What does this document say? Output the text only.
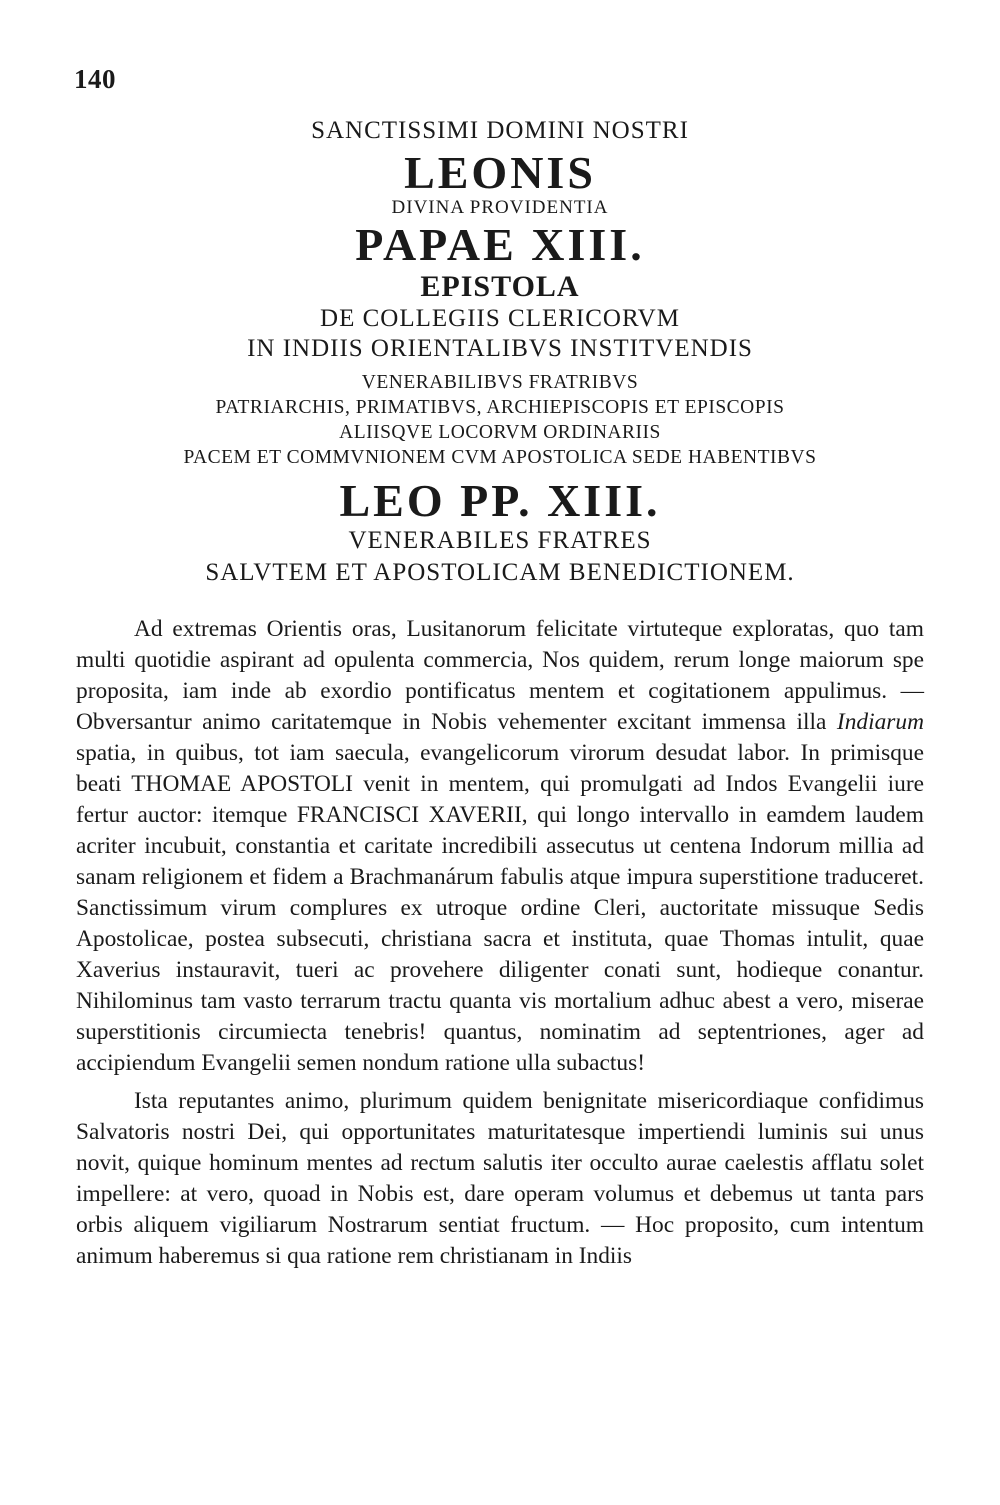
140
SANCTISSIMI DOMINI NOSTRI
LEONIS
DIVINA PROVIDENTIA
PAPAE XIII.
EPISTOLA
DE COLLEGIIS CLERICORVM
IN INDIIS ORIENTALIBVS INSTITVENDIS
VENERABILIBVS FRATRIBVS
PATRIARCHIS, PRIMATIBVS, ARCHIEPISCOPIS ET EPISCOPIS
ALIISQVE LOCORVM ORDINARIIS
PACEM ET COMMVNIONEM CVM APOSTOLICA SEDE HABENTIBVS
LEO PP. XIII.
VENERABILES FRATRES
SALVTEM ET APOSTOLICAM BENEDICTIONEM.

Ad extremas Orientis oras, Lusitanorum felicitate virtuteque exploratas, quo tam multi quotidie aspirant ad opulenta commercia, Nos quidem, rerum longe maiorum spe proposita, iam inde ab exordio pontificatus mentem et cogitationem appulimus. — Obversantur animo caritatemque in Nobis vehementer excitant immensa illa Indiarum spatia, in quibus, tot iam saecula, evangelicorum virorum desudat labor. In primisque beati THOMAE APOSTOLI venit in mentem, qui promulgati ad Indos Evangelii iure fertur auctor: itemque FRANCISCI XAVERII, qui longo intervallo in eamdem laudem acriter incubuit, constantia et caritate incredibili assecutus ut centena Indorum millia ad sanam religionem et fidem a Brachmanárum fabulis atque impura superstitione traduceret. Sanctissimum virum complures ex utroque ordine Cleri, auctoritate missuque Sedis Apostolicae, postea subsecuti, christiana sacra et instituta, quae Thomas intulit, quae Xaverius instauravit, tueri ac provehere diligenter conati sunt, hodieque conantur. Nihilominus tam vasto terrarum tractu quanta vis mortalium adhuc abest a vero, miserae superstitionis circumiecta tenebris! quantus, nominatim ad septentriones, ager ad accipiendum Evangelii semen nondum ratione ulla subactus!

Ista reputantes animo, plurimum quidem benignitate misericordiaque confidimus Salvatoris nostri Dei, qui opportunitates maturitatesque impertiendi luminis sui unus novit, quique hominum mentes ad rectum salutis iter occulto aurae caelestis afflatu solet impellere: at vero, quoad in Nobis est, dare operam volumus et debemus ut tanta pars orbis aliquem vigiliarum Nostrarum sentiat fructum. — Hoc proposito, cum intentum animum haberemus si qua ratione rem christianam in Indiis
